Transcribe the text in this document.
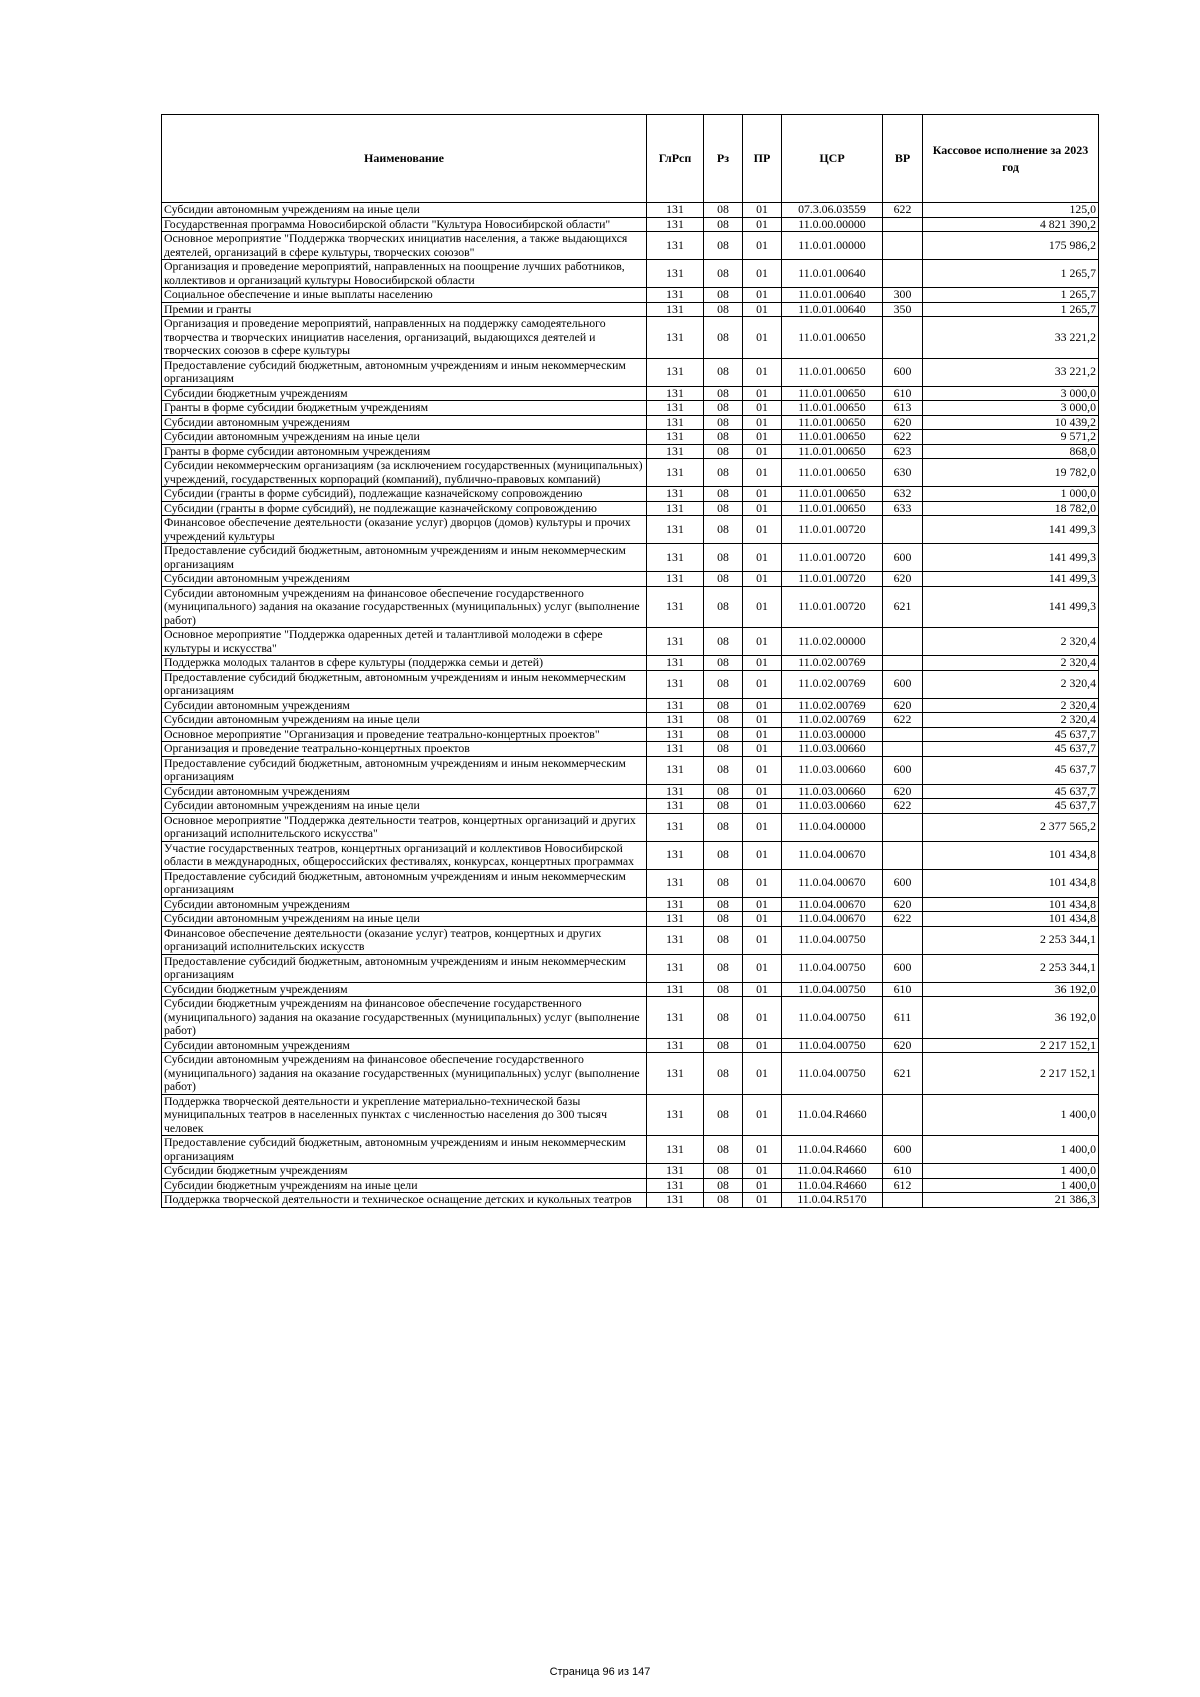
Наименование	ГлРсп	Рз	ПР	ЦСР	ВР	Кассовое исполнение за 2023 год
Субсидии автономным учреждениям на иные цели	131	08	01	07.3.06.03559	622	125,0
Государственная программа Новосибирской области "Культура Новосибирской области"	131	08	01	11.0.00.00000		4 821 390,2
Основное мероприятие "Поддержка творческих инициатив населения, а также выдающихся деятелей, организаций в сфере культуры, творческих союзов"	131	08	01	11.0.01.00000		175 986,2
Организация и проведение мероприятий, направленных на поощрение лучших работников, коллективов и организаций культуры Новосибирской области	131	08	01	11.0.01.00640		1 265,7
Социальное обеспечение и иные выплаты населению	131	08	01	11.0.01.00640	300	1 265,7
Премии и гранты	131	08	01	11.0.01.00640	350	1 265,7
Организация и проведение мероприятий, направленных на поддержку самодеятельного творчества и творческих инициатив населения, организаций, выдающихся деятелей и творческих союзов в сфере культуры	131	08	01	11.0.01.00650		33 221,2
Предоставление субсидий бюджетным, автономным учреждениям и иным некоммерческим организациям	131	08	01	11.0.01.00650	600	33 221,2
Субсидии бюджетным учреждениям	131	08	01	11.0.01.00650	610	3 000,0
Гранты в форме субсидии бюджетным учреждениям	131	08	01	11.0.01.00650	613	3 000,0
Субсидии автономным учреждениям	131	08	01	11.0.01.00650	620	10 439,2
Субсидии автономным учреждениям на иные цели	131	08	01	11.0.01.00650	622	9 571,2
Гранты в форме субсидии автономным учреждениям	131	08	01	11.0.01.00650	623	868,0
Субсидии некоммерческим организациям (за исключением государственных (муниципальных) учреждений, государственных корпораций (компаний), публично-правовых компаний)	131	08	01	11.0.01.00650	630	19 782,0
Субсидии (гранты в форме субсидий), подлежащие казначейскому сопровождению	131	08	01	11.0.01.00650	632	1 000,0
Субсидии (гранты в форме субсидий), не подлежащие казначейскому сопровождению	131	08	01	11.0.01.00650	633	18 782,0
Финансовое обеспечение деятельности (оказание услуг) дворцов (домов) культуры и прочих учреждений культуры	131	08	01	11.0.01.00720		141 499,3
Предоставление субсидий бюджетным, автономным учреждениям и иным некоммерческим организациям	131	08	01	11.0.01.00720	600	141 499,3
Субсидии автономным учреждениям	131	08	01	11.0.01.00720	620	141 499,3
Субсидии автономным учреждениям на финансовое обеспечение государственного (муниципального) задания на оказание государственных (муниципальных) услуг (выполнение работ)	131	08	01	11.0.01.00720	621	141 499,3
Основное мероприятие "Поддержка одаренных детей и талантливой молодежи в сфере культуры и искусства"	131	08	01	11.0.02.00000		2 320,4
Поддержка молодых талантов в сфере культуры (поддержка семьи и детей)	131	08	01	11.0.02.00769		2 320,4
Предоставление субсидий бюджетным, автономным учреждениям и иным некоммерческим организациям	131	08	01	11.0.02.00769	600	2 320,4
Субсидии автономным учреждениям	131	08	01	11.0.02.00769	620	2 320,4
Субсидии автономным учреждениям на иные цели	131	08	01	11.0.02.00769	622	2 320,4
Основное мероприятие "Организация и проведение театрально-концертных проектов"	131	08	01	11.0.03.00000		45 637,7
Организация и проведение театрально-концертных проектов	131	08	01	11.0.03.00660		45 637,7
Предоставление субсидий бюджетным, автономным учреждениям и иным некоммерческим организациям	131	08	01	11.0.03.00660	600	45 637,7
Субсидии автономным учреждениям	131	08	01	11.0.03.00660	620	45 637,7
Субсидии автономным учреждениям на иные цели	131	08	01	11.0.03.00660	622	45 637,7
Основное мероприятие "Поддержка деятельности театров, концертных организаций и других организаций исполнительского искусства"	131	08	01	11.0.04.00000		2 377 565,2
Участие государственных театров, концертных организаций и коллективов Новосибирской области в международных, общероссийских фестивалях, конкурсах, концертных программах	131	08	01	11.0.04.00670		101 434,8
Предоставление субсидий бюджетным, автономным учреждениям и иным некоммерческим организациям	131	08	01	11.0.04.00670	600	101 434,8
Субсидии автономным учреждениям	131	08	01	11.0.04.00670	620	101 434,8
Субсидии автономным учреждениям на иные цели	131	08	01	11.0.04.00670	622	101 434,8
Финансовое обеспечение деятельности (оказание услуг) театров, концертных и других организаций исполнительских искусств	131	08	01	11.0.04.00750		2 253 344,1
Предоставление субсидий бюджетным, автономным учреждениям и иным некоммерческим организациям	131	08	01	11.0.04.00750	600	2 253 344,1
Субсидии бюджетным учреждениям	131	08	01	11.0.04.00750	610	36 192,0
Субсидии бюджетным учреждениям на финансовое обеспечение государственного (муниципального) задания на оказание государственных (муниципальных) услуг (выполнение работ)	131	08	01	11.0.04.00750	611	36 192,0
Субсидии автономным учреждениям	131	08	01	11.0.04.00750	620	2 217 152,1
Субсидии автономным учреждениям на финансовое обеспечение государственного (муниципального) задания на оказание государственных (муниципальных) услуг (выполнение работ)	131	08	01	11.0.04.00750	621	2 217 152,1
Поддержка творческой деятельности и укрепление материально-технической базы муниципальных театров в населенных пунктах с численностью населения до 300 тысяч человек	131	08	01	11.0.04.R4660		1 400,0
Предоставление субсидий бюджетным, автономным учреждениям и иным некоммерческим организациям	131	08	01	11.0.04.R4660	600	1 400,0
Субсидии бюджетным учреждениям	131	08	01	11.0.04.R4660	610	1 400,0
Субсидии бюджетным учреждениям на иные цели	131	08	01	11.0.04.R4660	612	1 400,0
Поддержка творческой деятельности и техническое оснащение детских и кукольных театров	131	08	01	11.0.04.R5170		21 386,3
Страница 96 из 147
